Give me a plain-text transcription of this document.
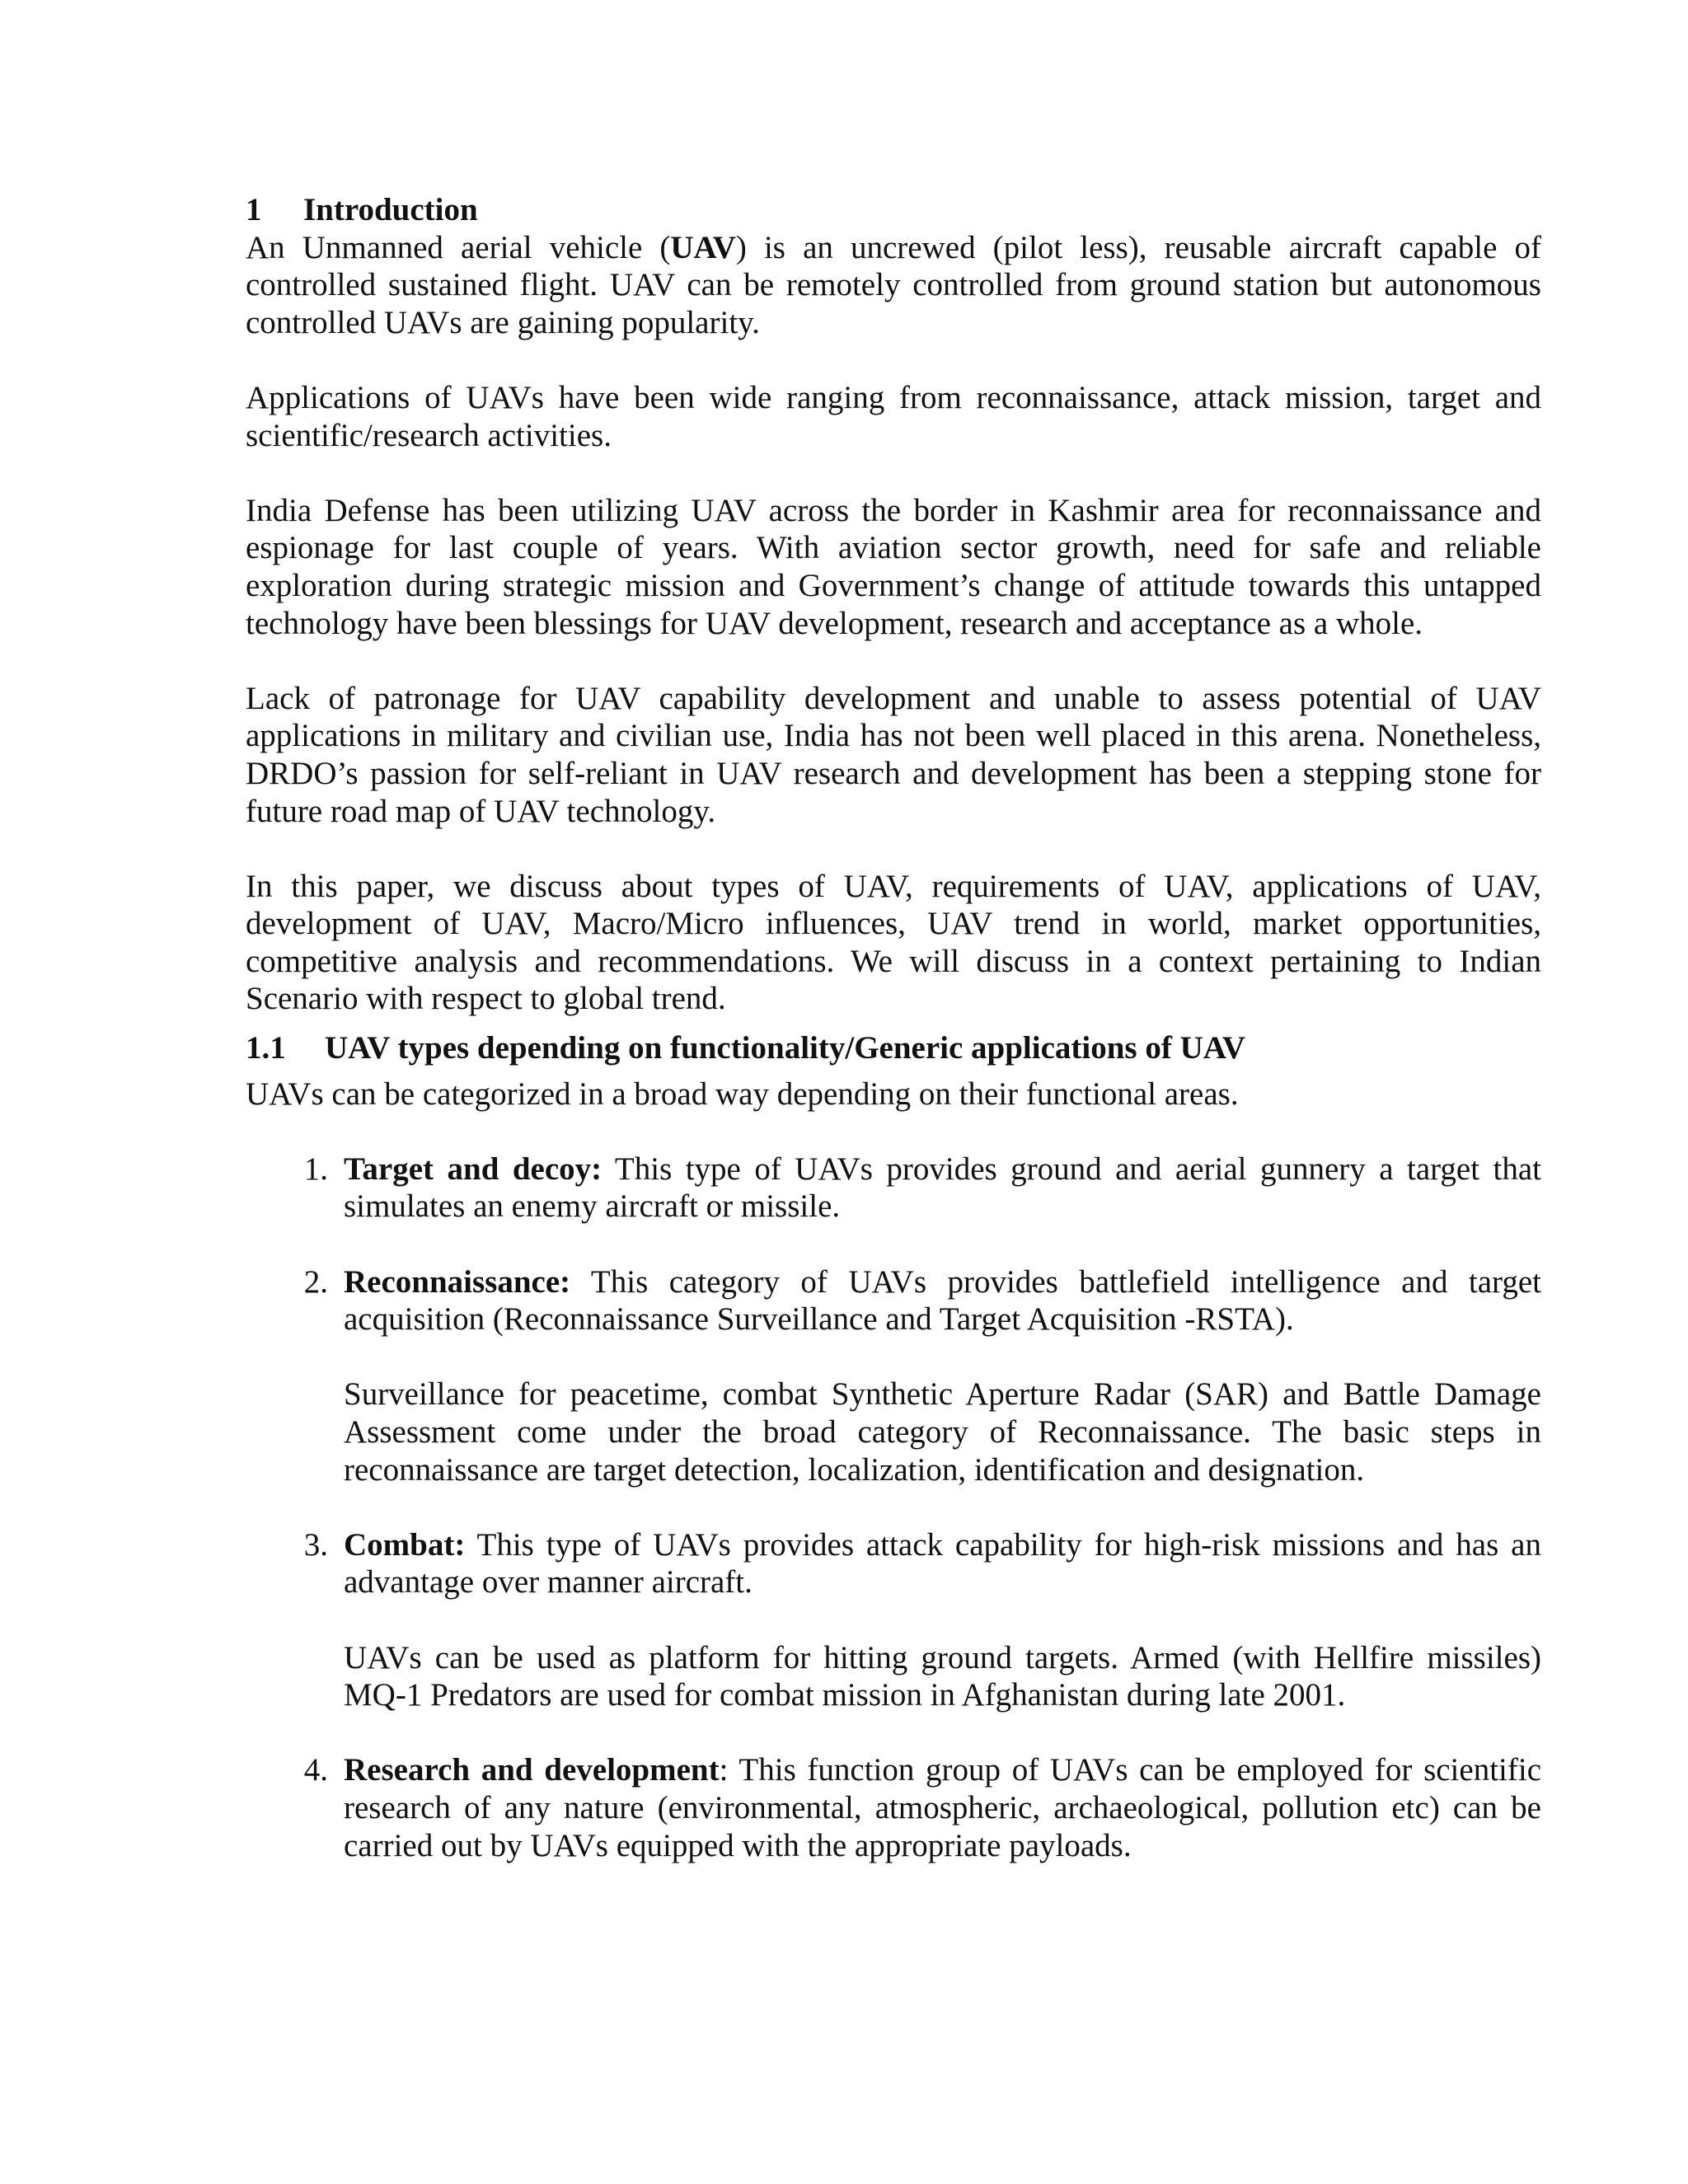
1	Introduction

An Unmanned aerial vehicle (UAV) is an uncrewed (pilot less), reusable aircraft capable of controlled sustained flight. UAV can be remotely controlled from ground station but autonomous controlled UAVs are gaining popularity.

Applications of UAVs have been wide ranging from reconnaissance, attack mission, target and scientific/research activities.

India Defense has been utilizing UAV across the border in Kashmir area for reconnaissance and espionage for last couple of years. With aviation sector growth, need for safe and reliable exploration during strategic mission and Government’s change of attitude towards this untapped technology have been blessings for UAV development, research and acceptance as a whole.

Lack of patronage for UAV capability development and unable to assess potential of UAV applications in military and civilian use, India has not been well placed in this arena. Nonetheless, DRDO’s passion for self-reliant in UAV research and development has been a stepping stone for future road map of UAV technology.

In this paper, we discuss about types of UAV, requirements of UAV, applications of UAV, development of UAV, Macro/Micro influences, UAV trend in world, market opportunities, competitive analysis and recommendations. We will discuss in a context pertaining to Indian Scenario with respect to global trend.

1.1 UAV types depending on functionality/Generic applications of UAV

UAVs can be categorized in a broad way depending on their functional areas.

1. Target and decoy: This type of UAVs provides ground and aerial gunnery a target that simulates an enemy aircraft or missile.

2. Reconnaissance: This category of UAVs provides battlefield intelligence and target acquisition (Reconnaissance Surveillance and Target Acquisition -RSTA).

Surveillance for peacetime, combat Synthetic Aperture Radar (SAR) and Battle Damage Assessment come under the broad category of Reconnaissance. The basic steps in reconnaissance are target detection, localization, identification and designation.

3. Combat: This type of UAVs provides attack capability for high-risk missions and has an advantage over manner aircraft.

UAVs can be used as platform for hitting ground targets. Armed (with Hellfire missiles) MQ-1 Predators are used for combat mission in Afghanistan during late 2001.

4. Research and development: This function group of UAVs can be employed for scientific research of any nature (environmental, atmospheric, archaeological, pollution etc) can be carried out by UAVs equipped with the appropriate payloads.
